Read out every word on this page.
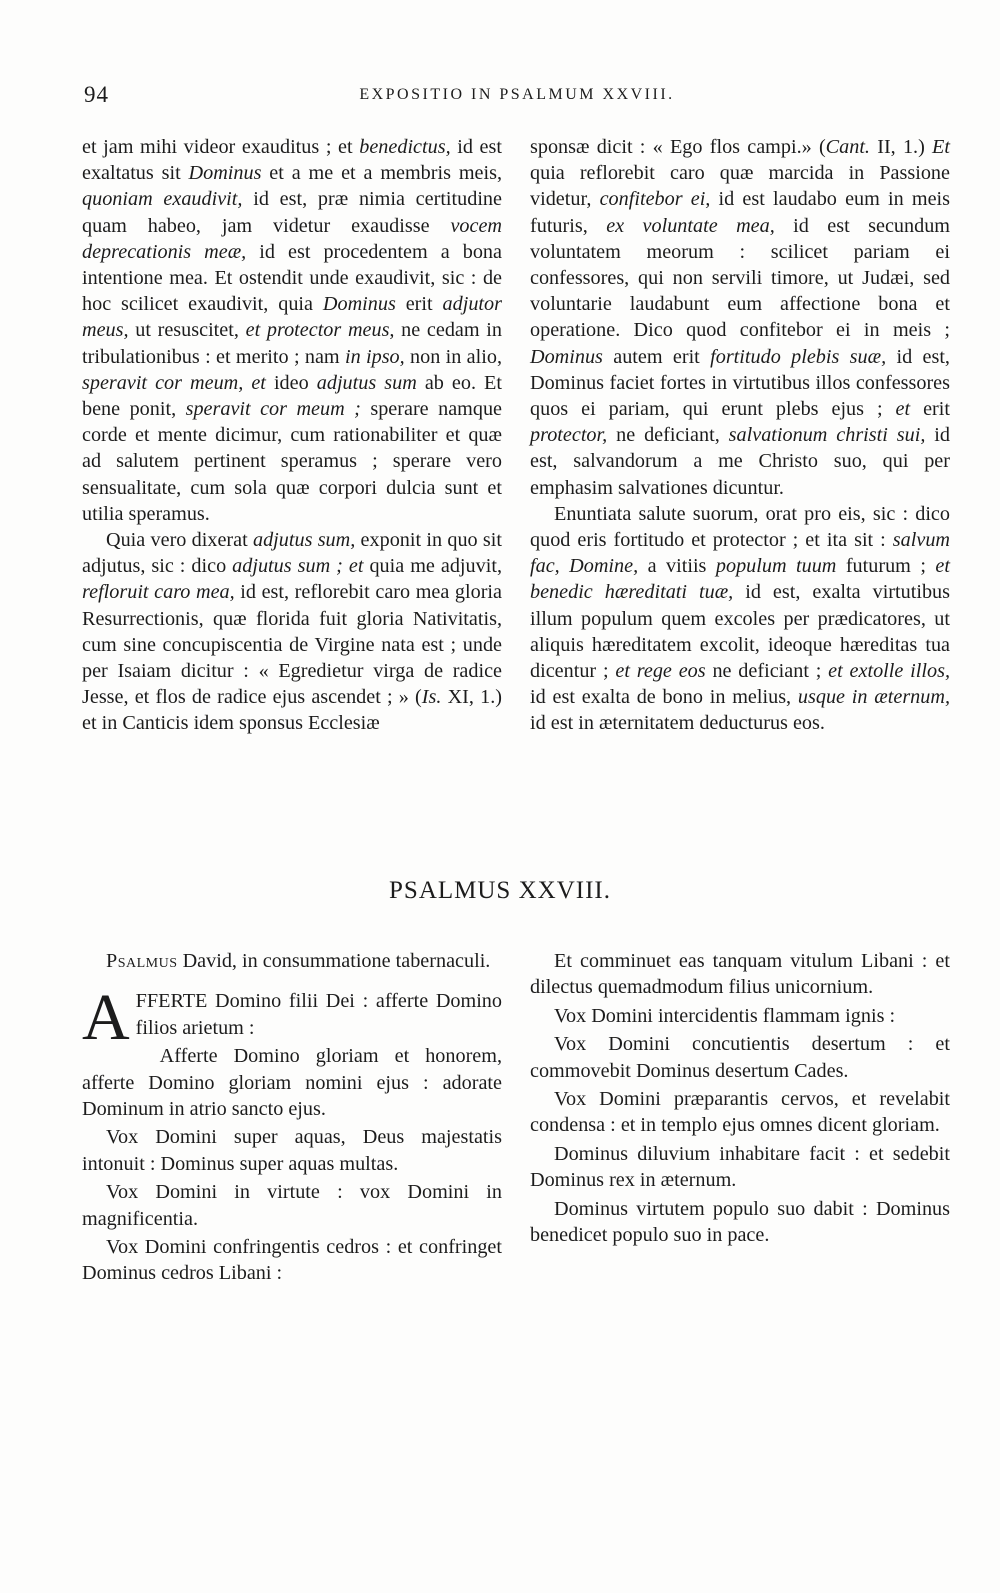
94	EXPOSITIO IN PSALMUM XXVIII.

et jam mihi videor exauditus ; et benedictus, id est exaltatus sit Dominus et a me et a membris meis, quoniam exaudivit, id est, præ nimia certitudine quam habeo, jam videtur exaudisse vocem deprecationis meæ, id est procedentem a bona intentione mea. Et ostendit unde exaudivit, sic : de hoc scilicet exaudivit, quia Dominus erit adjutor meus, ut resuscitet, et protector meus, ne cedam in tribulationibus : et merito ; nam in ipso, non in alio, speravit cor meum, et ideo adjutus sum ab eo. Et bene ponit, speravit cor meum ; sperare namque corde et mente dicimur, cum rationabiliter et quæ ad salutem pertinent speramus ; sperare vero sensualitate, cum sola quæ corpori dulcia sunt et utilia speramus.

Quia vero dixerat adjutus sum, exponit in quo sit adjutus, sic : dico adjutus sum ; et quia me adjuvit, refloruit caro mea, id est, reflorebit caro mea gloria Resurrectionis, quæ florida fuit gloria Nativitatis, cum sine concupiscentia de Virgine nata est ; unde per Isaiam dicitur : « Egredietur virga de radice Jesse, et flos de radice ejus ascendet ; » (Is. XI, 1.) et in Canticis idem sponsus Ecclesiæ

sponsæ dicit : « Ego flos campi.» (Cant. II, 1.) Et quia reflorebit caro quæ marcida in Passione videtur, confitebor ei, id est laudabo eum in meis futuris, ex voluntate mea, id est secundum voluntatem meorum : scilicet pariam ei confessores, qui non servili timore, ut Judæi, sed voluntarie laudabunt eum affectione bona et operatione. Dico quod confitebor ei in meis ; Dominus autem erit fortitudo plebis suæ, id est, Dominus faciet fortes in virtutibus illos confessores quos ei pariam, qui erunt plebs ejus ; et erit protector, ne deficiant, salvationum christi sui, id est, salvandorum a me Christo suo, qui per emphasim salvationes dicuntur.

Enuntiata salute suorum, orat pro eis, sic : dico quod eris fortitudo et protector ; et ita sit : salvum fac, Domine, a vitiis populum tuum futurum ; et benedic hæreditati tuæ, id est, exalta virtutibus illum populum quem excoles per prædicatores, ut aliquis hæreditatem excolit, ideoque hæreditas tua dicentur ; et rege eos ne deficiant ; et extolle illos, id est exalta de bono in melius, usque in æternum, id est in æternitatem deducturus eos.

PSALMUS XXVIII.

Psalmus David, in consummatione tabernaculi.

AFFERTE Domino filii Dei : afferte Domino filios arietum :

Afferte Domino gloriam et honorem, afferte Domino gloriam nomini ejus : adorate Dominum in atrio sancto ejus.

Vox Domini super aquas, Deus majestatis intonuit : Dominus super aquas multas.

Vox Domini in virtute : vox Domini in magnificentia.

Vox Domini confringentis cedros : et confringet Dominus cedros Libani :

Et comminuet eas tanquam vitulum Libani : et dilectus quemadmodum filius unicornium.

Vox Domini intercidentis flammam ignis :

Vox Domini concutientis desertum : et commovebit Dominus desertum Cades.

Vox Domini præparantis cervos, et revelabit condensa : et in templo ejus omnes dicent gloriam.

Dominus diluvium inhabitare facit : et sedebit Dominus rex in æternum.

Dominus virtutem populo suo dabit : Dominus benedicet populo suo in pace.
